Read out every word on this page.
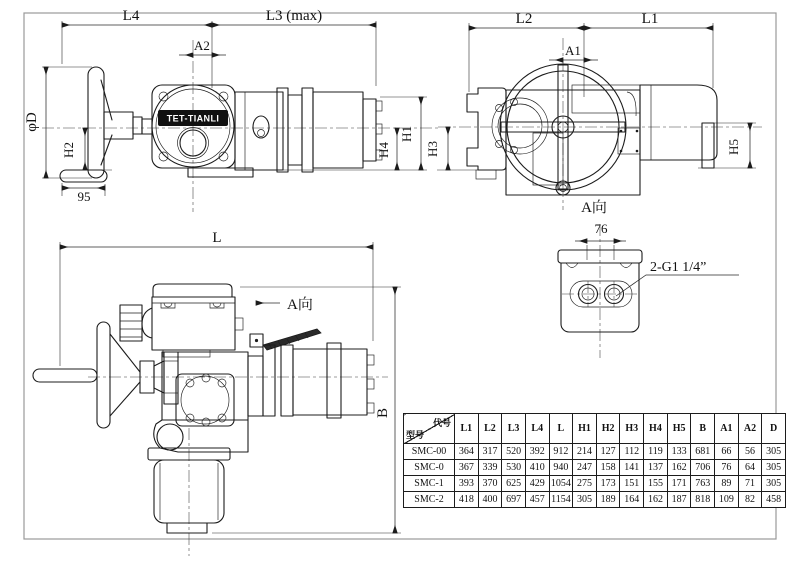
L4	L3 (max)
A2
φD
H2
95
H1
H4
TET-TIANLI
L2	L1
A1
H3	H5
A向
76
2-G1 1/4”
L
A向
B
代号
型号	L1	L2	L3	L4	L	H1	H2	H3	H4	H5	B	A1	A2	D
SMC-00	364	317	520	392	912	214	127	112	119	133	681	66	56	305
SMC-0	367	339	530	410	940	247	158	141	137	162	706	76	64	305
SMC-1	393	370	625	429	1054	275	173	151	155	171	763	89	71	305
SMC-2	418	400	697	457	1154	305	189	164	162	187	818	109	82	458
